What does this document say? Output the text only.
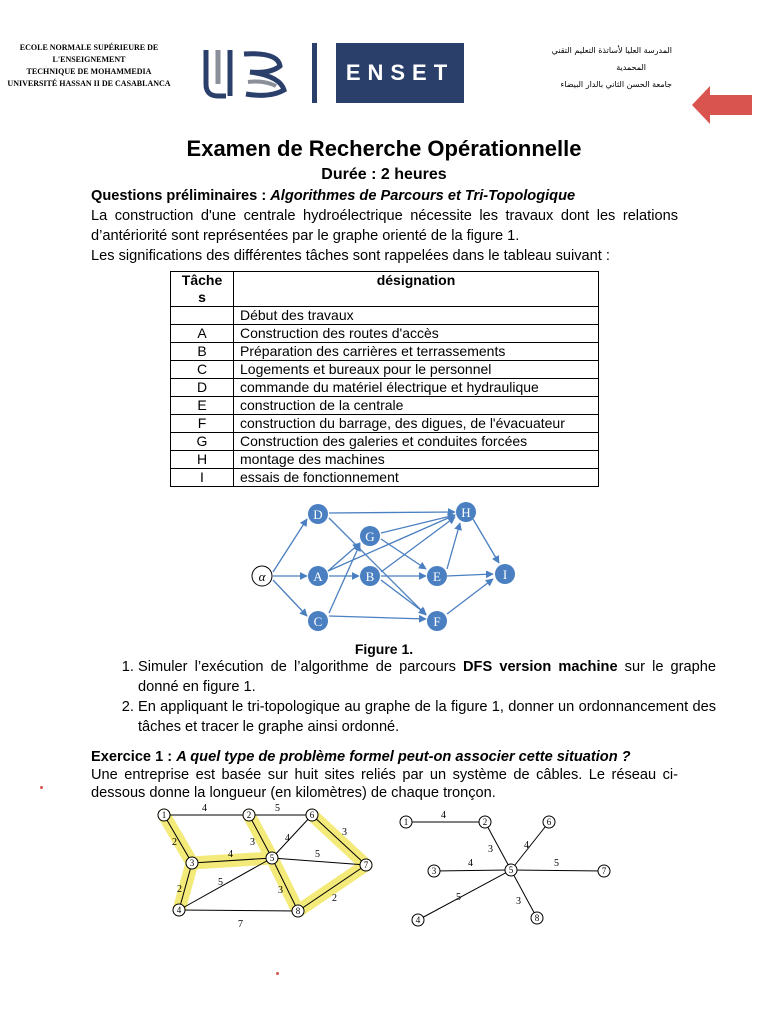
ECOLE NORMALE SUPÉRIEURE DE
L'ENSEIGNEMENT
TECHNIQUE DE MOHAMMEDIA
UNIVERSITÉ HASSAN II DE CASABLANCA	ENSET
المدرسة العليا لأساتذة التعليم التقني
المحمدية
جامعة الحسن الثاني بالدار البيضاء
7
Examen de Recherche Opérationnelle
Durée : 2 heures
Questions préliminaires : Algorithmes de Parcours et Tri-Topologique
La construction d'une centrale hydroélectrique nécessite les travaux dont les relations d’antériorité sont représentées par le graphe orienté de la figure 1.
Les significations des différentes tâches sont rappelées dans le tableau suivant :
Tâche s	désignation
	Début des travaux
A	Construction des routes d'accès
B	Préparation des carrières et terrassements
C	Logements et bureaux pour le personnel
D	commande du matériel électrique et hydraulique
E	construction de la centrale
F	construction du barrage, des digues, de l'évacuateur
G	Construction des galeries et conduites forcées
H	montage des machines
I	essais de fonctionnement
α
D
G
H
A	B	E	I
C	F
Figure 1.
1. Simuler l’exécution de l’algorithme de parcours DFS version machine sur le graphe donné en figure 1.
2. En appliquant le tri-topologique au graphe de la figure 1, donner un ordonnancement des tâches et tracer le graphe ainsi ordonné.
Exercice 1 : A quel type de problème formel peut-on associer cette situation ?
Une entreprise est basée sur huit sites reliés par un système de câbles. Le réseau ci-dessous donne la longueur (en kilomètres) de chaque tronçon.
4	5
2
2
4
3	4
3
5
5
3
2
7
1	2
3
4
5
6
7
8
4
3
4
4
5
5	3
1	2
3
4
5
6
7
8
